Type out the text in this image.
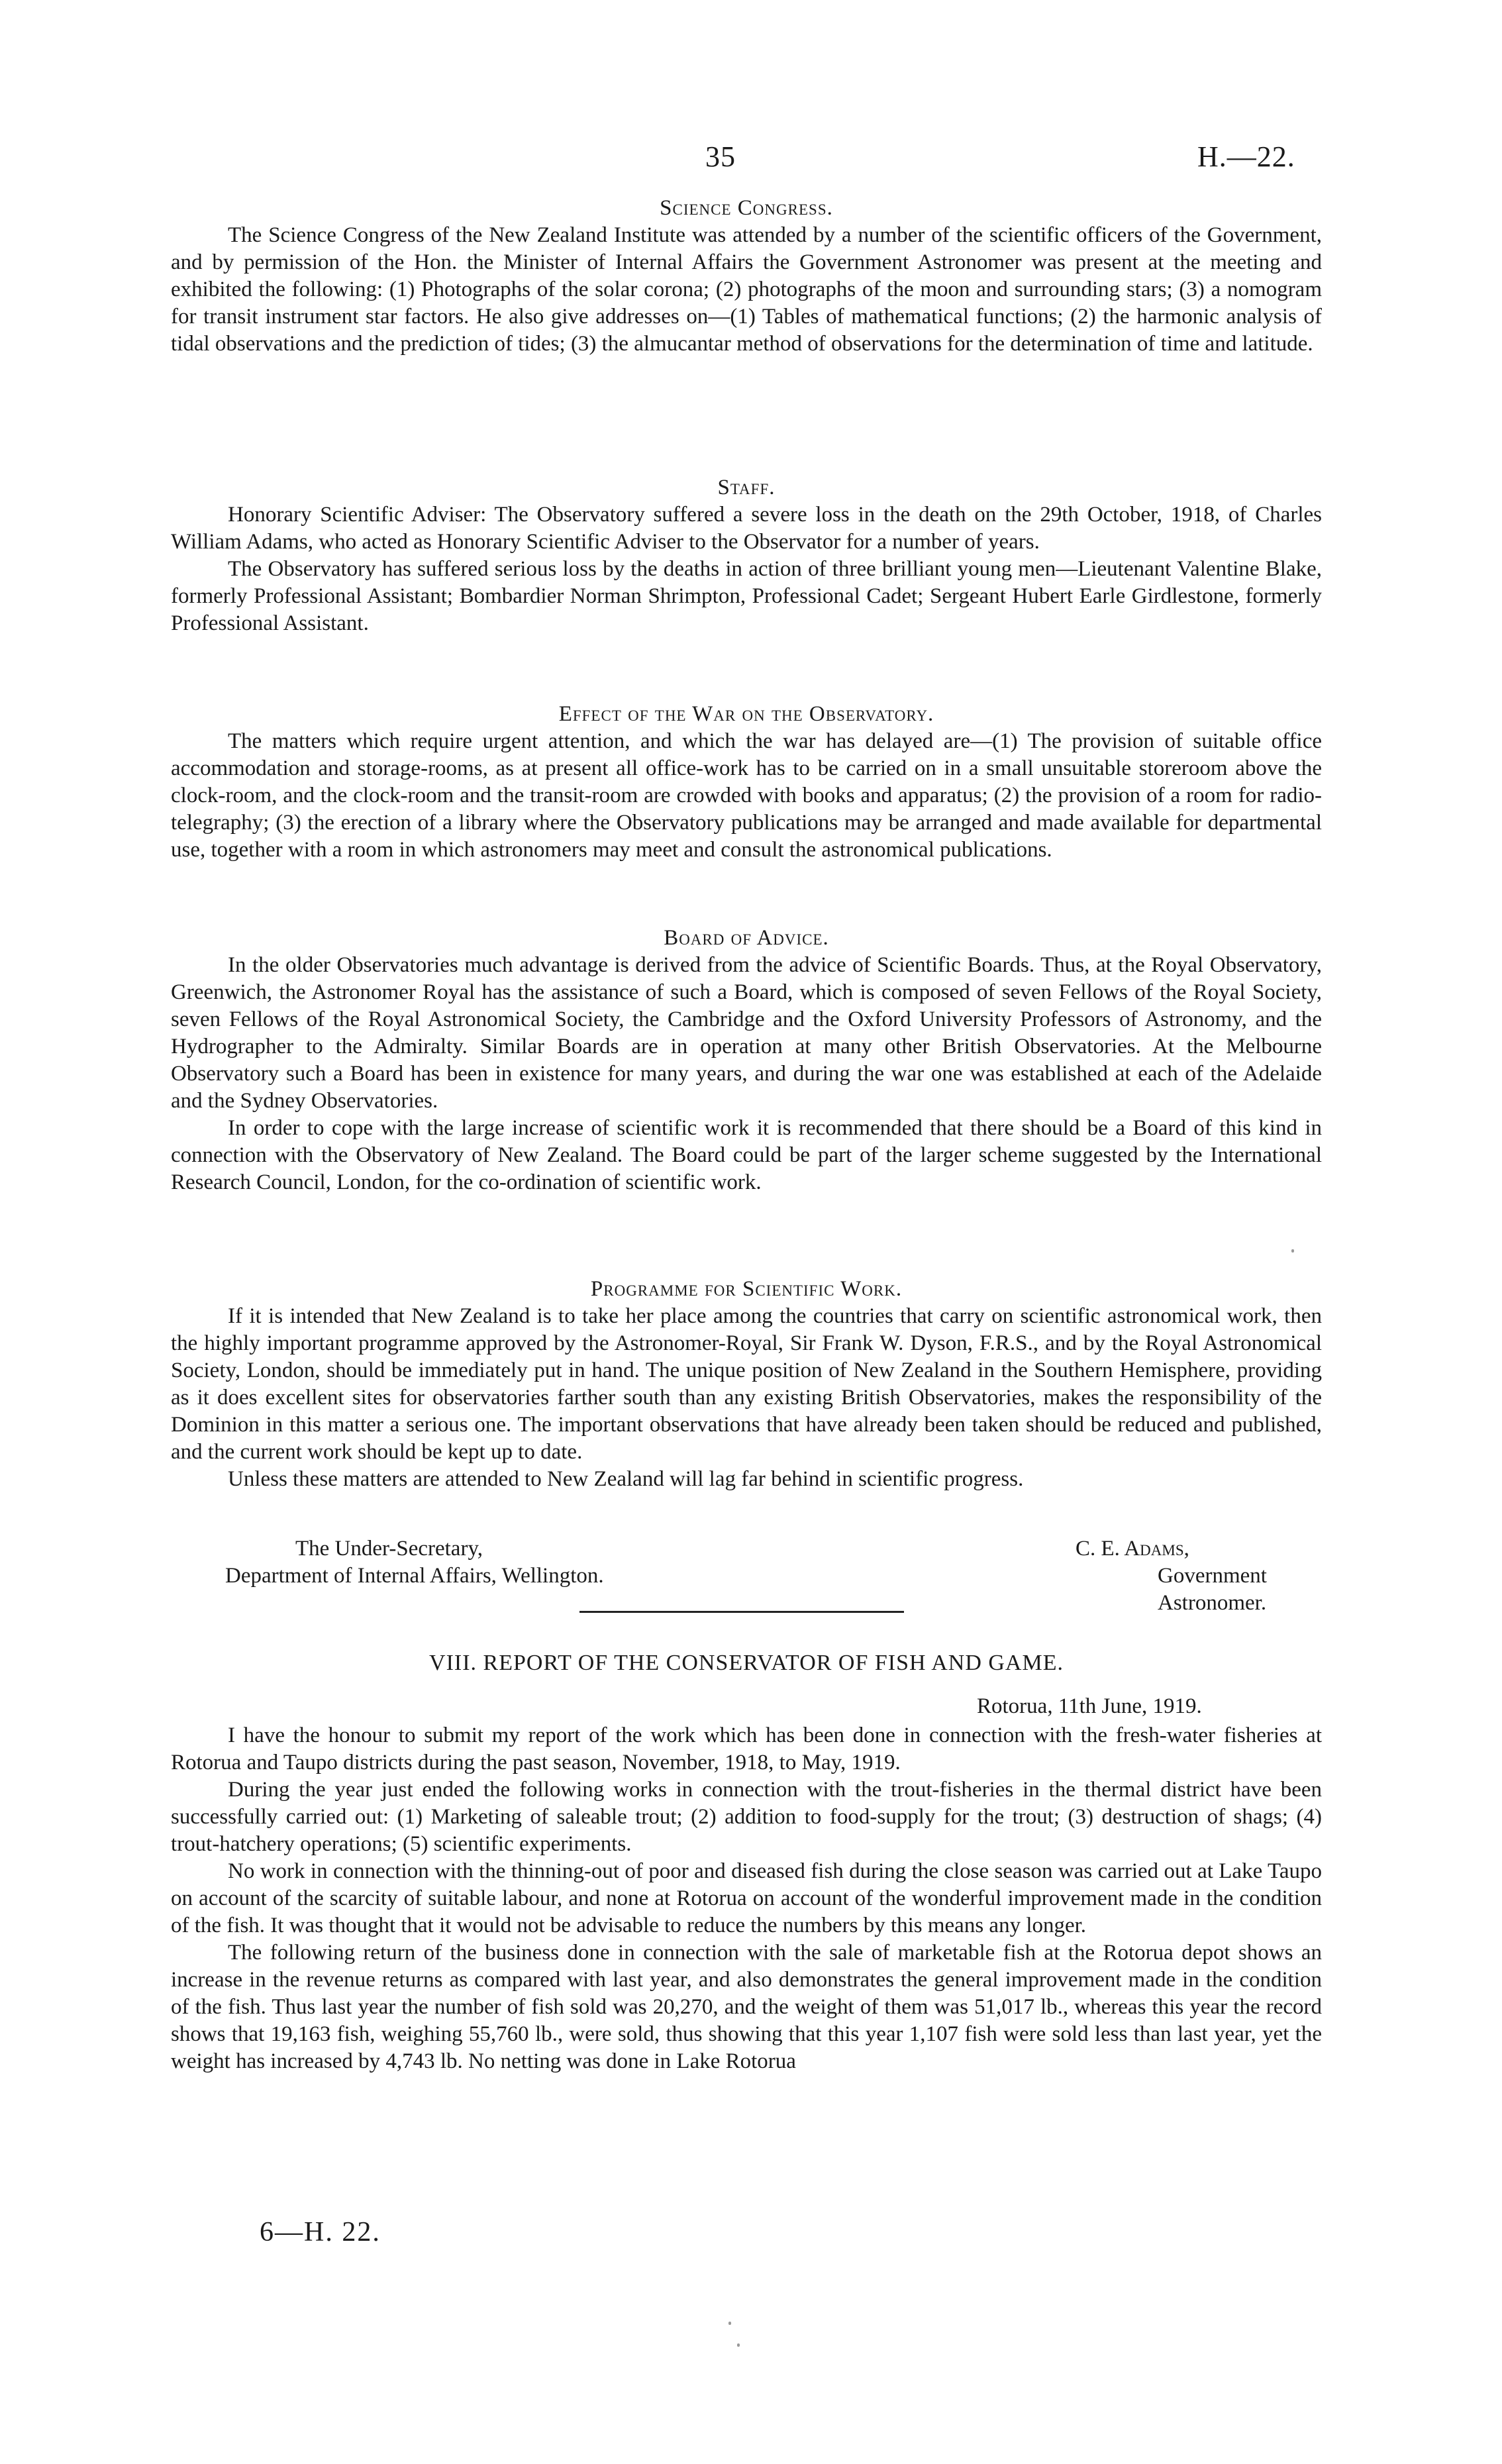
35	H.—22.

Science Congress.

The Science Congress of the New Zealand Institute was attended by a number of the scientific officers of the Government, and by permission of the Hon. the Minister of Internal Affairs the Government Astronomer was present at the meeting and exhibited the following: (1) Photographs of the solar corona; (2) photographs of the moon and surrounding stars; (3) a nomogram for transit instrument star factors. He also give addresses on—(1) Tables of mathematical functions; (2) the harmonic analysis of tidal observations and the prediction of tides; (3) the almucantar method of observations for the determination of time and latitude.

Staff.

Honorary Scientific Adviser: The Observatory suffered a severe loss in the death on the 29th October, 1918, of Charles William Adams, who acted as Honorary Scientific Adviser to the Observator for a number of years.

The Observatory has suffered serious loss by the deaths in action of three brilliant young men—Lieutenant Valentine Blake, formerly Professional Assistant; Bombardier Norman Shrimpton, Professional Cadet; Sergeant Hubert Earle Girdlestone, formerly Professional Assistant.

Effect of the War on the Observatory.

The matters which require urgent attention, and which the war has delayed are—(1) The provision of suitable office accommodation and storage-rooms, as at present all office-work has to be carried on in a small unsuitable storeroom above the clock-room, and the clock-room and the transit-room are crowded with books and apparatus; (2) the provision of a room for radio-telegraphy; (3) the erection of a library where the Observatory publications may be arranged and made available for departmental use, together with a room in which astronomers may meet and consult the astronomical publications.

Board of Advice.

In the older Observatories much advantage is derived from the advice of Scientific Boards. Thus, at the Royal Observatory, Greenwich, the Astronomer Royal has the assistance of such a Board, which is composed of seven Fellows of the Royal Society, seven Fellows of the Royal Astronomical Society, the Cambridge and the Oxford University Professors of Astronomy, and the Hydrographer to the Admiralty. Similar Boards are in operation at many other British Observatories. At the Melbourne Observatory such a Board has been in existence for many years, and during the war one was established at each of the Adelaide and the Sydney Observatories.

In order to cope with the large increase of scientific work it is recommended that there should be a Board of this kind in connection with the Observatory of New Zealand. The Board could be part of the larger scheme suggested by the International Research Council, London, for the co-ordination of scientific work.

Programme for Scientific Work.

If it is intended that New Zealand is to take her place among the countries that carry on scientific astronomical work, then the highly important programme approved by the Astronomer-Royal, Sir Frank W. Dyson, F.R.S., and by the Royal Astronomical Society, London, should be immediately put in hand. The unique position of New Zealand in the Southern Hemisphere, providing as it does excellent sites for observatories farther south than any existing British Observatories, makes the responsibility of the Dominion in this matter a serious one. The important observations that have already been taken should be reduced and published, and the current work should be kept up to date.

Unless these matters are attended to New Zealand will lag far behind in scientific progress.

The Under-Secretary,
Department of Internal Affairs, Wellington.
C. E. Adams,
Government Astronomer.
VIII. REPORT OF THE CONSERVATOR OF FISH AND GAME.
Rotorua, 11th June, 1919.

I have the honour to submit my report of the work which has been done in connection with the fresh-water fisheries at Rotorua and Taupo districts during the past season, November, 1918, to May, 1919.

During the year just ended the following works in connection with the trout-fisheries in the thermal district have been successfully carried out: (1) Marketing of saleable trout; (2) addition to food-supply for the trout; (3) destruction of shags; (4) trout-hatchery operations; (5) scientific experiments.

No work in connection with the thinning-out of poor and diseased fish during the close season was carried out at Lake Taupo on account of the scarcity of suitable labour, and none at Rotorua on account of the wonderful improvement made in the condition of the fish. It was thought that it would not be advisable to reduce the numbers by this means any longer.

The following return of the business done in connection with the sale of marketable fish at the Rotorua depot shows an increase in the revenue returns as compared with last year, and also demonstrates the general improvement made in the condition of the fish. Thus last year the number of fish sold was 20,270, and the weight of them was 51,017 lb., whereas this year the record shows that 19,163 fish, weighing 55,760 lb., were sold, thus showing that this year 1,107 fish were sold less than last year, yet the weight has increased by 4,743 lb. No netting was done in Lake Rotorua

6—H. 22.
